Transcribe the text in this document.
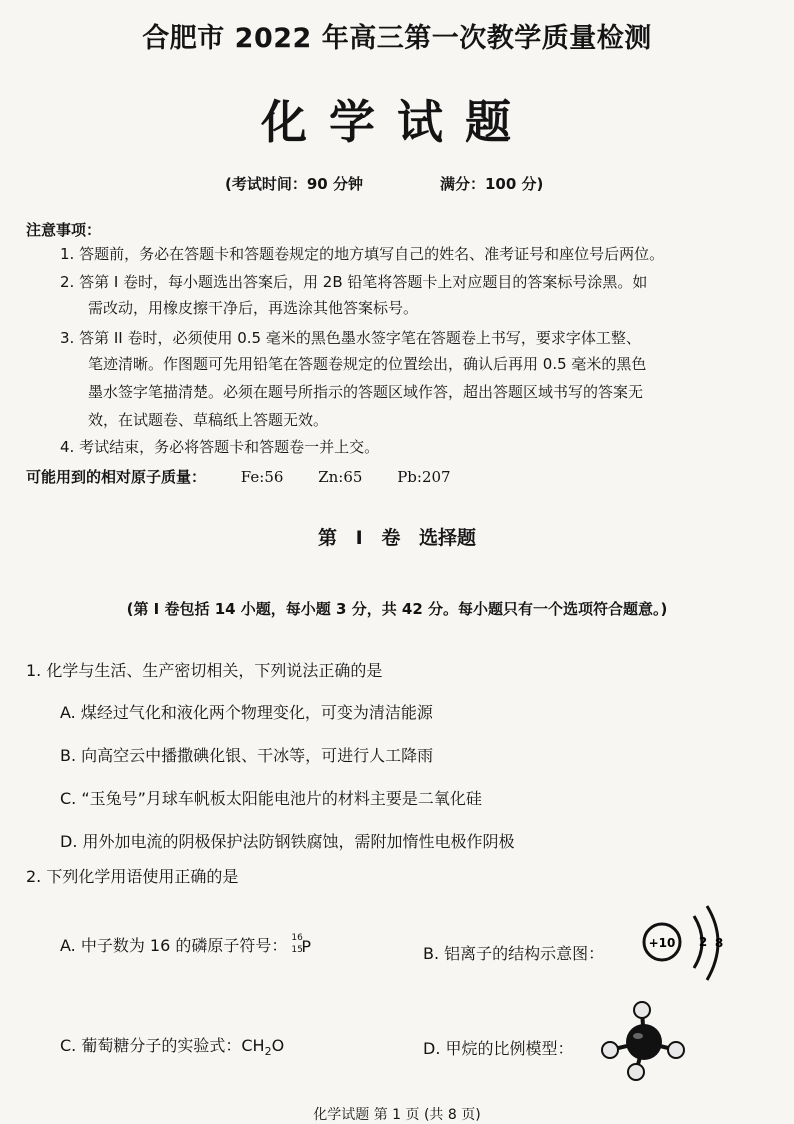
合肥市 2022 年高三第一次教学质量检测
化学试题
(考试时间：90 分钟	满分：100 分)
注意事项：
1. 答题前，务必在答题卡和答题卷规定的地方填写自己的姓名、准考证号和座位号后两位。
2. 答第 I 卷时，每小题选出答案后，用 2B 铅笔将答题卡上对应题目的答案标号涂黑。如
需改动，用橡皮擦干净后，再选涂其他答案标号。
3. 答第 II 卷时，必须使用 0.5 毫米的黑色墨水签字笔在答题卷上书写，要求字体工整、
笔迹清晰。作图题可先用铅笔在答题卷规定的位置绘出，确认后再用 0.5 毫米的黑色
墨水签字笔描清楚。必须在题号所指示的答题区域作答，超出答题区域书写的答案无
效，在试题卷、草稿纸上答题无效。
4. 考试结束，务必将答题卡和答题卷一并上交。
可能用到的相对原子质量： Fe:56 Zn:65 Pb:207
第 I 卷 选择题
(第 I 卷包括 14 小题，每小题 3 分，共 42 分。每小题只有一个选项符合题意。)
1. 化学与生活、生产密切相关，下列说法正确的是
A. 煤经过气化和液化两个物理变化，可变为清洁能源
B. 向高空云中播撒碘化银、干冰等，可进行人工降雨
C. “玉兔号”月球车帆板太阳能电池片的材料主要是二氧化硅
D. 用外加电流的阴极保护法防钢铁腐蚀，需附加惰性电极作阴极
2. 下列化学用语使用正确的是
A. 中子数为 16 的磷原子符号： 16
15
P	B. 铝离子的结构示意图：
+10 2 8
C. 葡萄糖分子的实验式：$CH_2O$	D. 甲烷的比例模型：
化学试题 第 1 页 (共 8 页)
